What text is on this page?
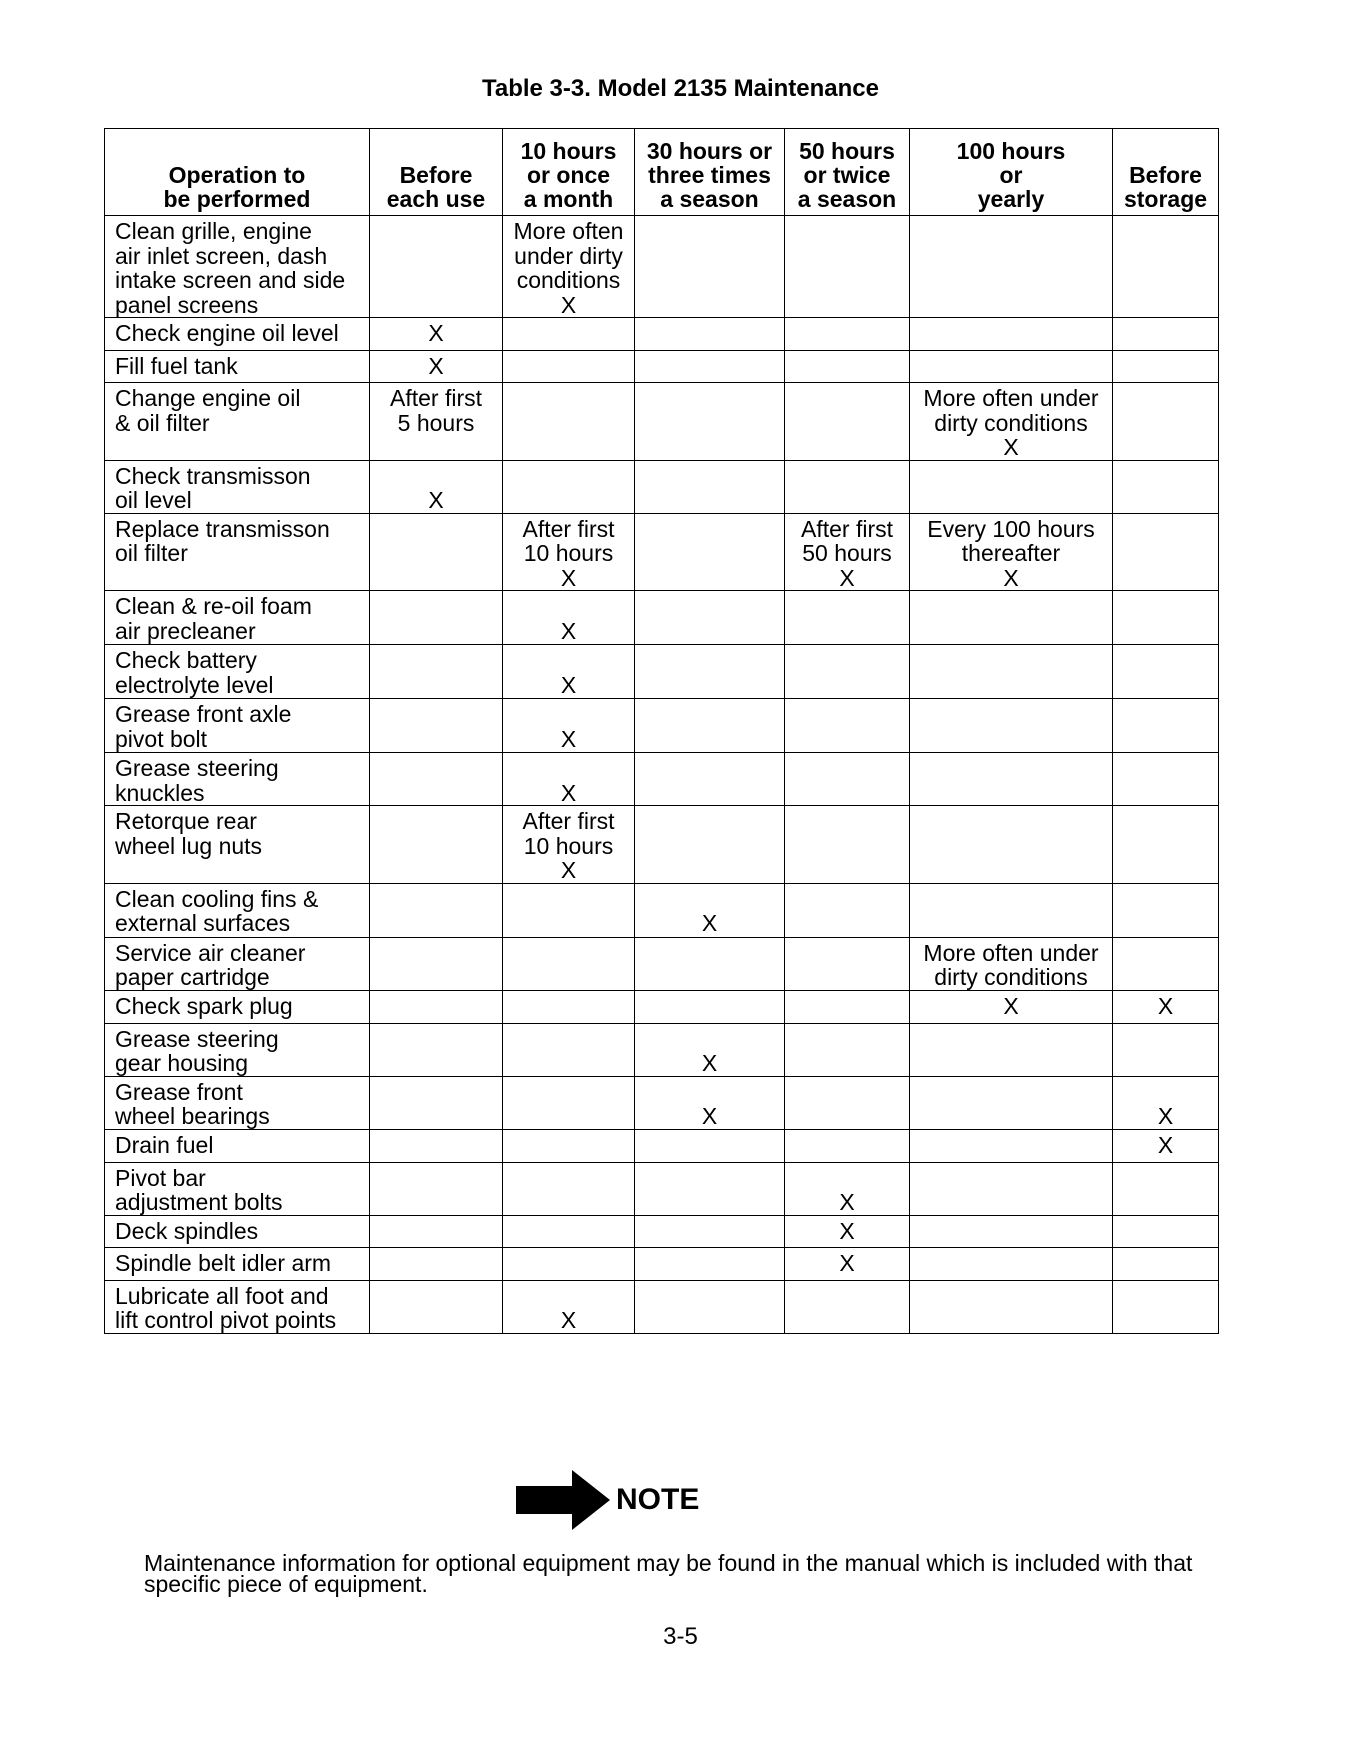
Table 3-3. Model 2135 Maintenance
Operation to
be performed	Before
each use	10 hours
or once
a month	30 hours or
three times
a season	50 hours
or twice
a season	100 hours
or
yearly	Before
storage

Clean grille, engine
air inlet screen, dash
intake screen and side
panel screens		More often
under dirty
conditions
X				

Check engine oil level	X					

Fill fuel tank	X					

Change engine oil
& oil filter	After first
5 hours				More often under
dirty conditions
X	

Check transmisson
oil level	X					

Replace transmisson
oil filter		After first
10 hours
X		After first
50 hours
X	Every 100 hours
thereafter
X	

Clean & re-oil foam
air precleaner		X				

Check battery
electrolyte level		X				

Grease front axle
pivot bolt		X				

Grease steering
knuckles		X				

Retorque rear
wheel lug nuts		After first
10 hours
X				

Clean cooling fins &
external surfaces			X			

Service air cleaner
paper cartridge					More often under
dirty conditions	

Check spark plug					X	X

Grease steering
gear housing			X			

Grease front
wheel bearings			X			X

Drain fuel						X

Pivot bar
adjustment bolts				X		

Deck spindles				X		

Spindle belt idler arm				X		

Lubricate all foot and
lift control pivot points		X				

NOTE
Maintenance information for optional equipment may be found in the manual which is included with that specific piece of equipment.
3-5
